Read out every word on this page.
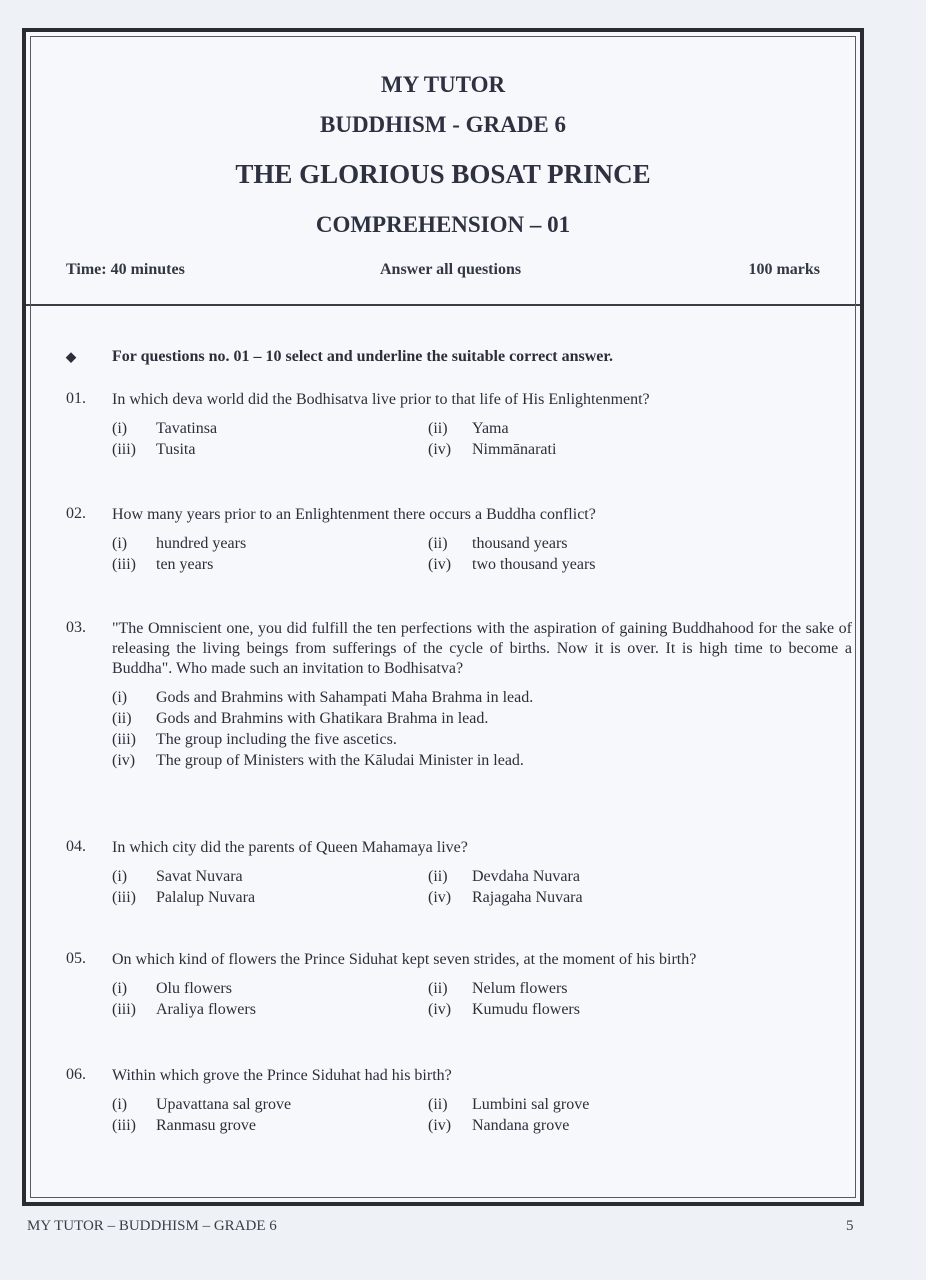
MY TUTOR
BUDDHISM - GRADE 6
THE GLORIOUS BOSAT PRINCE
COMPREHENSION – 01
Time: 40 minutes	Answer all questions	100 marks
◆ For questions no. 01 – 10 select and underline the suitable correct answer.
01. In which deva world did the Bodhisatva live prior to that life of His Enlightenment?
(i) Tavatinsa	(ii) Yama
(iii) Tusita	(iv) Nimmānarati
02. How many years prior to an Enlightenment there occurs a Buddha conflict?
(i) hundred years	(ii) thousand years
(iii) ten years	(iv) two thousand years
03. "The Omniscient one, you did fulfill the ten perfections with the aspiration of gaining Buddhahood for the sake of releasing the living beings from sufferings of the cycle of births. Now it is over. It is high time to become a Buddha". Who made such an invitation to Bodhisatva?
(i) Gods and Brahmins with Sahampati Maha Brahma in lead.
(ii) Gods and Brahmins with Ghatikara Brahma in lead.
(iii) The group including the five ascetics.
(iv) The group of Ministers with the Kāludai Minister in lead.
04. In which city did the parents of Queen Mahamaya live?
(i) Savat Nuvara	(ii) Devdaha Nuvara
(iii) Palalup Nuvara	(iv) Rajagaha Nuvara
05. On which kind of flowers the Prince Siduhat kept seven strides, at the moment of his birth?
(i) Olu flowers	(ii) Nelum flowers
(iii) Araliya flowers	(iv) Kumudu flowers
06. Within which grove the Prince Siduhat had his birth?
(i) Upavattana sal grove	(ii) Lumbini sal grove
(iii) Ranmasu grove	(iv) Nandana grove
MY TUTOR – BUDDHISM – GRADE 6	5
